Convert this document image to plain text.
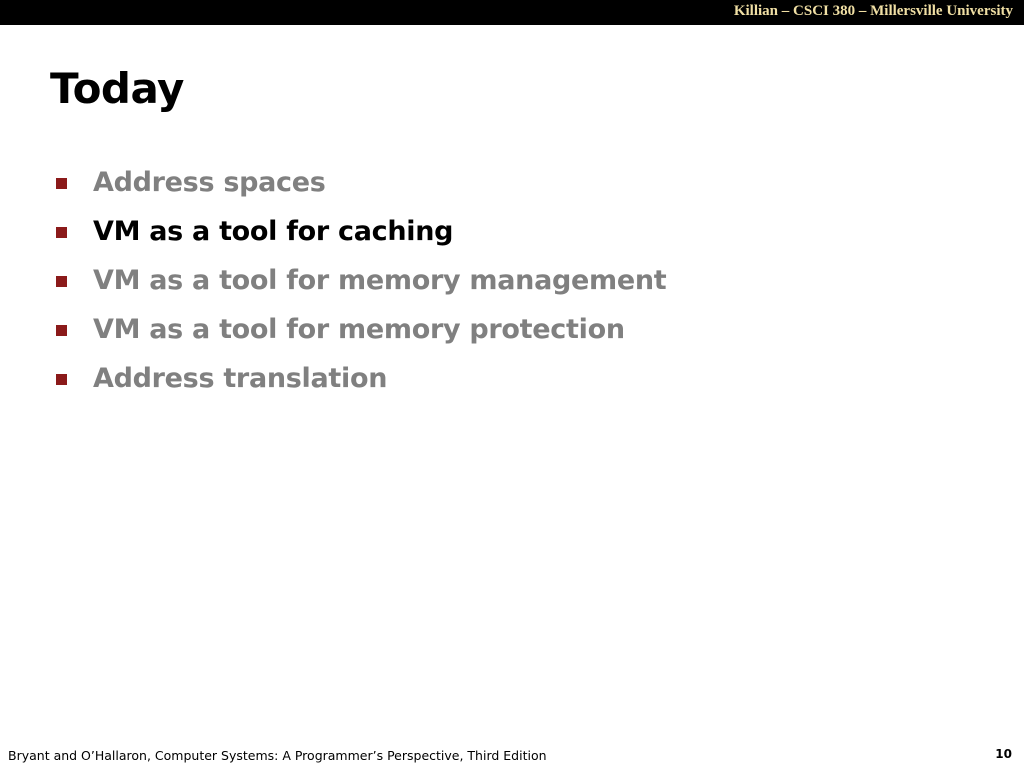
Killian – CSCI 380 – Millersville University
Today
Address spaces
VM as a tool for caching
VM as a tool for memory management
VM as a tool for memory protection
Address translation
Bryant and O’Hallaron, Computer Systems: A Programmer’s Perspective, Third Edition	10
